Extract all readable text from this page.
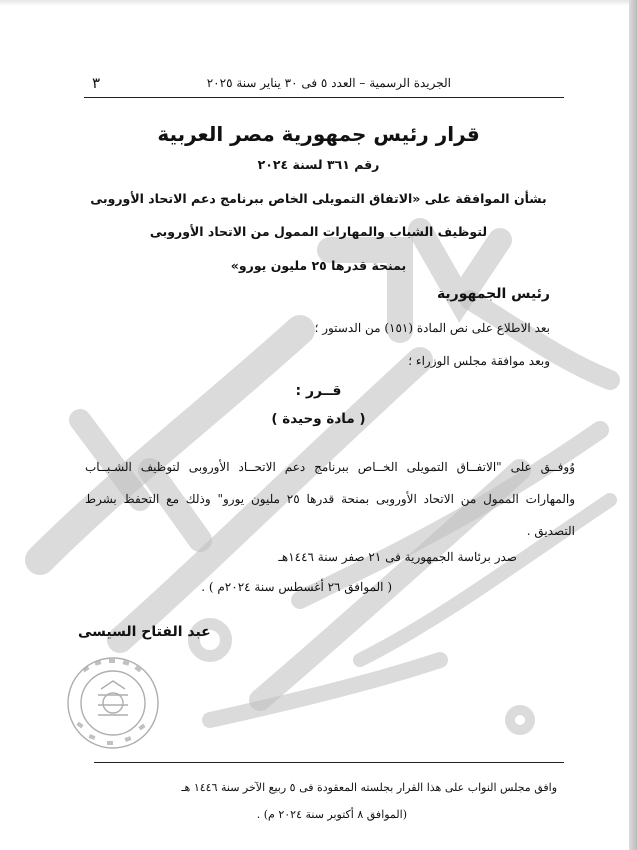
الجريدة الرسمية – العدد ٥ فى ٣٠ يناير سنة ٢٠٢٥
٣
قرار رئيس جمهورية مصر العربية
رقم ٣٦١ لسنة ٢٠٢٤
بشأن الموافقة على «الاتفاق التمويلى الخاص ببرنامج دعم الاتحاد الأوروبى
لتوظيف الشباب والمهارات الممول من الاتحاد الأوروبى
بمنحة قدرها ٢٥ مليون يورو»
رئيس الجمهورية
بعد الاطلاع على نص المادة (١٥١) من الدستور ؛
وبعد موافقة مجلس الوزراء ؛
قــرر :
( مادة وحيدة )
وُوفــق على "الاتفــاق التمويلى الخــاص ببرنامج دعم الاتحــاد الأوروبى لتوظيف الشـبــاب والمهارات الممول من الاتحاد الأوروبى بمنحة قدرها ٢٥ مليون يورو" وذلك مع التحفظ بشرط التصديق .
صدر برئاسة الجمهورية فى ٢١ صفر سنة ١٤٤٦هـ
( الموافق ٢٦ أغسطس سنة ٢٠٢٤م ) .
عبد الفتاح السيسى
وافق مجلس النواب على هذا القرار بجلسته المعقودة فى ٥ ربيع الآخر سنة ١٤٤٦ هـ
(الموافق ٨ أكتوبر سنة ٢٠٢٤ م) .
